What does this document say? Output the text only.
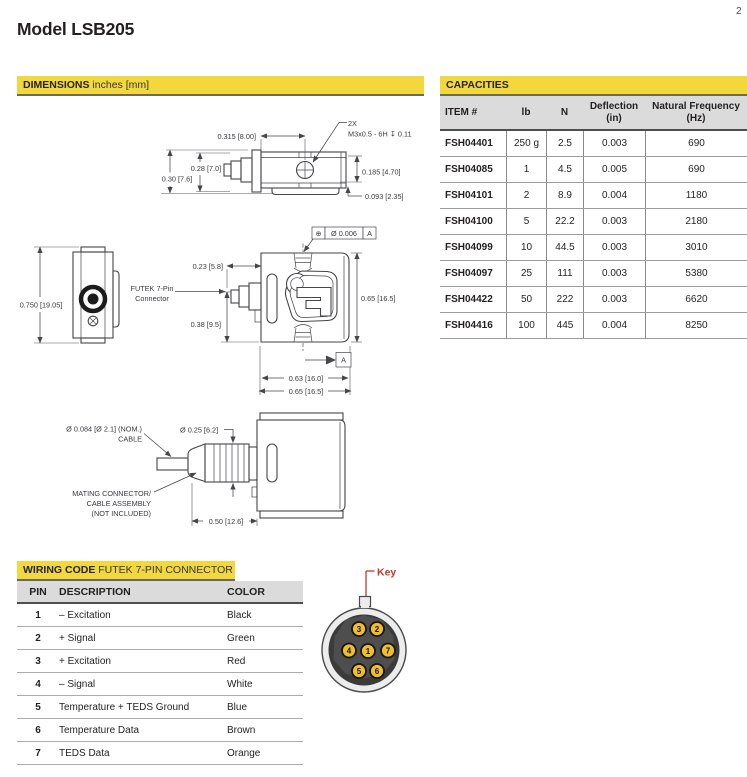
0.315 [8.00]
2X
M3x0.5 - 6H ↧ 0.11
0.30 [7.6]
0.28 [7.0]	0.185 [4.70]
0.093 [2.35]
0.750 [19.05]
⊕ Ø 0.006 A
0.23 [5.8]
FUTEK 7-Pin
Connector
0.38 [9.5]
0.65 [16.5]
0.63 [16.0]
0.65 [16.5]
A
Ø 0.084 [Ø 2.1] (NOM.)
CABLE
Ø 0.25 [6.2]
MATING CONNECTOR/
CABLE ASSEMBLY
(NOT INCLUDED)
0.50 [12.6]
Key
3 2
4 1 7
5 6
Model LSB205
2
DIMENSIONS inches [mm]	CAPACITIES
ITEM #	lb	N
Deflection
(in)
Natural Frequency
(Hz)
FSH04401	250 g	2.5	0.003	690
FSH04085	1	4.5	0.005	690
FSH04101	2	8.9	0.004	1180
FSH04100	5	22.2	0.003	2180
FSH04099	10	44.5	0.003	3010
FSH04097	25	111	0.003	5380
FSH04422	50	222	0.003	6620
FSH04416	100	445	0.004	8250
WIRING CODE FUTEK 7-PIN CONNECTOR
PIN	DESCRIPTION	COLOR
1	– Excitation	Black
2	+ Signal	Green
3	+ Excitation	Red
4	– Signal	White
5	Temperature + TEDS Ground	Blue
6	Temperature Data	Brown
7	TEDS Data	Orange
